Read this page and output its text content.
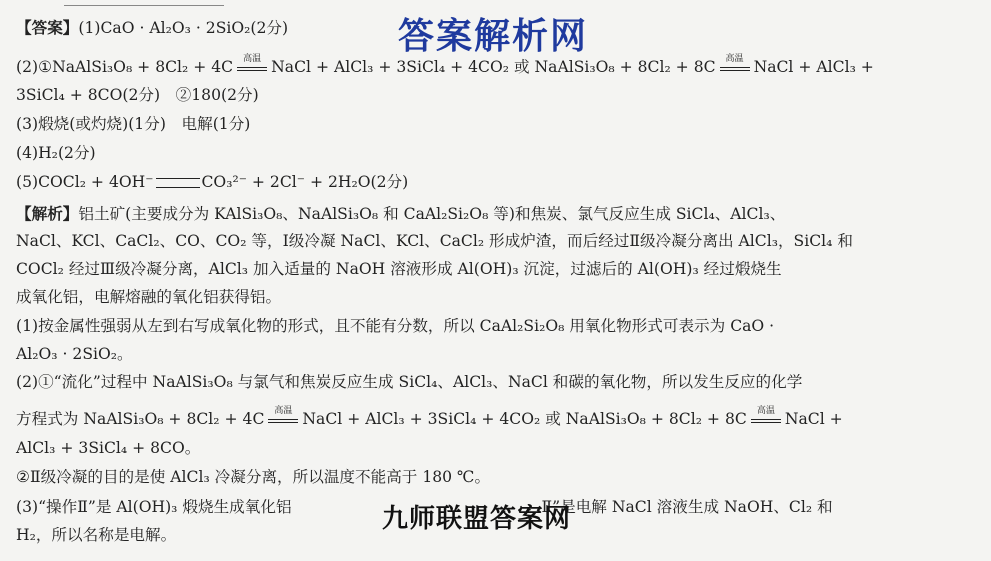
答案解析网
【答案】(1)CaO · Al₂O₃ · 2SiO₂(2分)
(2)①NaAlSi₃O₈ + 8Cl₂ + 4C	高温 NaCl + AlCl₃ + 3SiCl₄ + 4CO₂ 或 NaAlSi₃O₈ + 8Cl₂ + 8C	高温 NaCl + AlCl₃ +
3SiCl₄ + 8CO(2分)　②180(2分)
(3)煅烧(或灼烧)(1分)　电解(1分)
(4)H₂(2分)
(5)COCl₂ + 4OH⁻	CO₃²⁻ + 2Cl⁻ + 2H₂O(2分)
【解析】铝土矿(主要成分为 KAlSi₃O₈、NaAlSi₃O₈ 和 CaAl₂Si₂O₈ 等)和焦炭、氯气反应生成 SiCl₄、AlCl₃、
NaCl、KCl、CaCl₂、CO、CO₂ 等，Ⅰ级冷凝 NaCl、KCl、CaCl₂ 形成炉渣，而后经过Ⅱ级冷凝分离出 AlCl₃，SiCl₄ 和
COCl₂ 经过Ⅲ级冷凝分离，AlCl₃ 加入适量的 NaOH 溶液形成 Al(OH)₃ 沉淀，过滤后的 Al(OH)₃ 经过煅烧生
成氧化铝，电解熔融的氧化铝获得铝。
(1)按金属性强弱从左到右写成氧化物的形式，且不能有分数，所以 CaAl₂Si₂O₈ 用氧化物形式可表示为 CaO ·
Al₂O₃ · 2SiO₂。
(2)①“流化”过程中 NaAlSi₃O₈ 与氯气和焦炭反应生成 SiCl₄、AlCl₃、NaCl 和碳的氧化物，所以发生反应的化学
方程式为 NaAlSi₃O₈ + 8Cl₂ + 4C	高温 NaCl + AlCl₃ + 3SiCl₄ + 4CO₂ 或 NaAlSi₃O₈ + 8Cl₂ + 8C	高温 NaCl +
AlCl₃ + 3SiCl₄ + 8CO。
②Ⅱ级冷凝的目的是使 AlCl₃ 冷凝分离，所以温度不能高于 180 ℃。
(3)“操作Ⅱ”是 Al(OH)₃ 煅烧生成氧化铝	Ⅱ”是电解 NaCl 溶液生成 NaOH、Cl₂ 和
H₂，所以名称是电解。
九师联盟答案网
